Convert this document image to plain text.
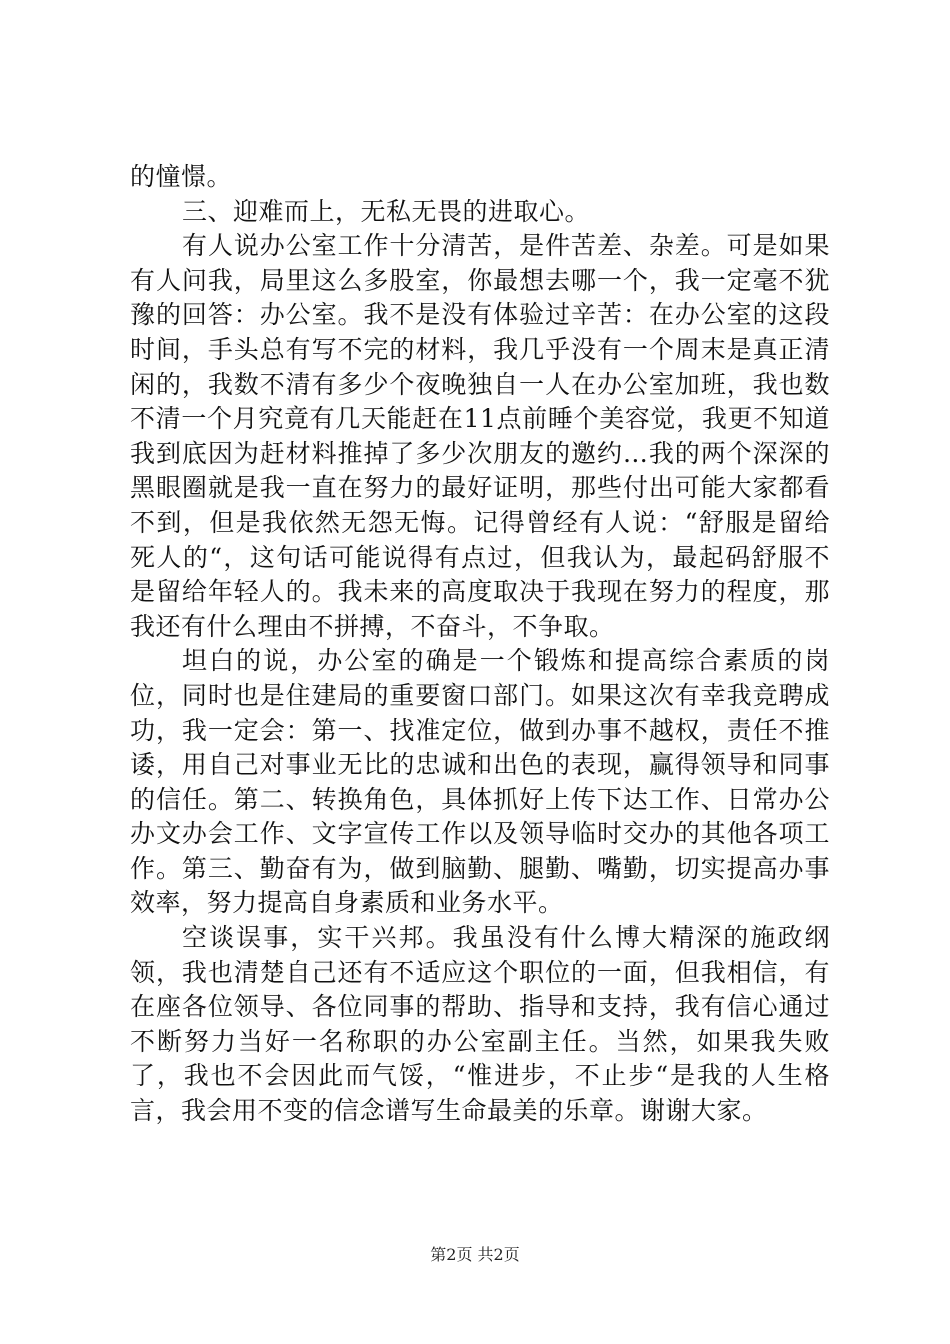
的憧憬。

三、迎难而上，无私无畏的进取心。

有人说办公室工作十分清苦，是件苦差、杂差。可是如果有人问我，局里这么多股室，你最想去哪一个，我一定毫不犹豫的回答：办公室。我不是没有体验过辛苦：在办公室的这段时间，手头总有写不完的材料，我几乎没有一个周末是真正清闲的，我数不清有多少个夜晚独自一人在办公室加班，我也数不清一个月究竟有几天能赶在11点前睡个美容觉，我更不知道我到底因为赶材料推掉了多少次朋友的邀约…我的两个深深的黑眼圈就是我一直在努力的最好证明，那些付出可能大家都看不到，但是我依然无怨无悔。记得曾经有人说：“舒服是留给死人的“，这句话可能说得有点过，但我认为，最起码舒服不是留给年轻人的。我未来的高度取决于我现在努力的程度，那我还有什么理由不拼搏，不奋斗，不争取。

坦白的说，办公室的确是一个锻炼和提高综合素质的岗位，同时也是住建局的重要窗口部门。如果这次有幸我竞聘成功，我一定会：第一、找准定位，做到办事不越权，责任不推诿，用自己对事业无比的忠诚和出色的表现，赢得领导和同事的信任。第二、转换角色，具体抓好上传下达工作、日常办公办文办会工作、文字宣传工作以及领导临时交办的其他各项工作。第三、勤奋有为，做到脑勤、腿勤、嘴勤，切实提高办事效率，努力提高自身素质和业务水平。

空谈误事，实干兴邦。我虽没有什么博大精深的施政纲领，我也清楚自己还有不适应这个职位的一面，但我相信，有在座各位领导、各位同事的帮助、指导和支持，我有信心通过不断努力当好一名称职的办公室副主任。当然，如果我失败了，我也不会因此而气馁，“惟进步，不止步“是我的人生格言，我会用不变的信念谱写生命最美的乐章。谢谢大家。

第2页 共2页
